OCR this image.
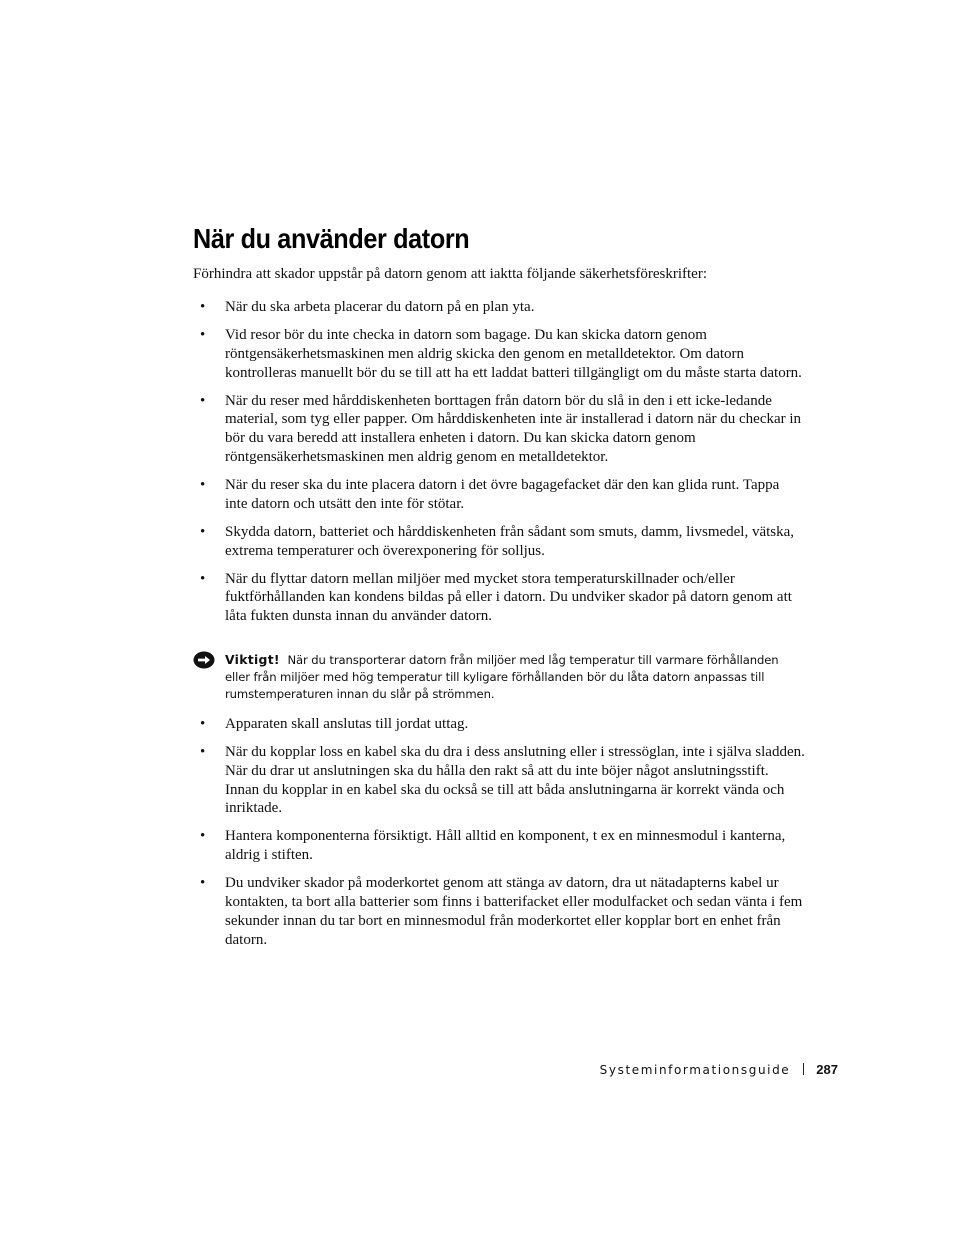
När du använder datorn

Förhindra att skador uppstår på datorn genom att iaktta följande säkerhetsföreskrifter:

• När du ska arbeta placerar du datorn på en plan yta.
• Vid resor bör du inte checka in datorn som bagage. Du kan skicka datorn genom röntgensäkerhetsmaskinen men aldrig skicka den genom en metalldetektor. Om datorn kontrolleras manuellt bör du se till att ha ett laddat batteri tillgängligt om du måste starta datorn.
• När du reser med hårddiskenheten borttagen från datorn bör du slå in den i ett icke-ledande material, som tyg eller papper. Om hårddiskenheten inte är installerad i datorn när du checkar in bör du vara beredd att installera enheten i datorn. Du kan skicka datorn genom röntgensäkerhetsmaskinen men aldrig genom en metalldetektor.
• När du reser ska du inte placera datorn i det övre bagagefacket där den kan glida runt. Tappa inte datorn och utsätt den inte för stötar.
• Skydda datorn, batteriet och hårddiskenheten från sådant som smuts, damm, livsmedel, vätska, extrema temperaturer och överexponering för solljus.
• När du flyttar datorn mellan miljöer med mycket stora temperaturskillnader och/eller fuktförhållanden kan kondens bildas på eller i datorn. Du undviker skador på datorn genom att låta fukten dunsta innan du använder datorn.

Viktigt! När du transporterar datorn från miljöer med låg temperatur till varmare förhållanden eller från miljöer med hög temperatur till kyligare förhållanden bör du låta datorn anpassas till rumstemperaturen innan du slår på strömmen.

• Apparaten skall anslutas till jordat uttag.
• När du kopplar loss en kabel ska du dra i dess anslutning eller i stressöglan, inte i själva sladden. När du drar ut anslutningen ska du hålla den rakt så att du inte böjer något anslutningsstift. Innan du kopplar in en kabel ska du också se till att båda anslutningarna är korrekt vända och inriktade.
• Hantera komponenterna försiktigt. Håll alltid en komponent, t ex en minnesmodul i kanterna, aldrig i stiften.
• Du undviker skador på moderkortet genom att stänga av datorn, dra ut nätadapterns kabel ur kontakten, ta bort alla batterier som finns i batterifacket eller modulfacket och sedan vänta i fem sekunder innan du tar bort en minnesmodul från moderkortet eller kopplar bort en enhet från datorn.
Systeminformationsguide 287
